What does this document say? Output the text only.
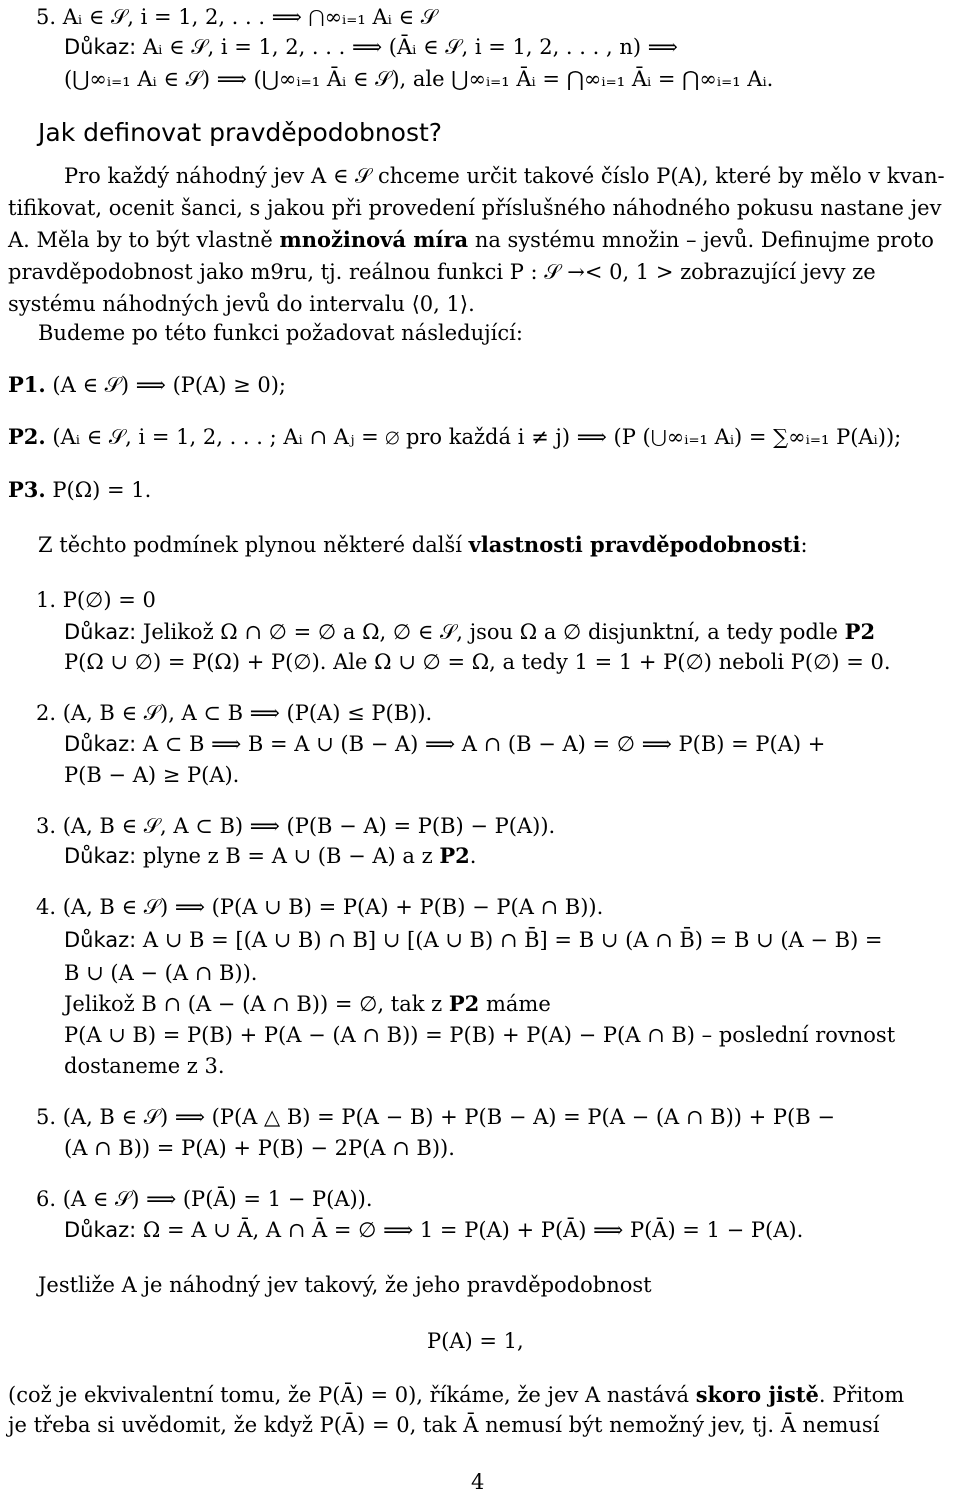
5. Aᵢ ∈ 𝒮, i = 1, 2, . . . ⟹ ⋂∞ᵢ₌₁ Aᵢ ∈ 𝒮
Důkaz: Aᵢ ∈ 𝒮, i = 1, 2, . . . ⟹ (Āᵢ ∈ 𝒮, i = 1, 2, . . . , n) ⟹
(⋃∞ᵢ₌₁ Aᵢ ∈ 𝒮) ⟹ (⋃∞ᵢ₌₁ Āᵢ ∈ 𝒮), ale ⋃∞ᵢ₌₁ Āᵢ = ⋂∞ᵢ₌₁ Āᵢ = ⋂∞ᵢ₌₁ Aᵢ.
Jak definovat pravděpodobnost?
Pro každý náhodný jev A ∈ 𝒮 chceme určit takové číslo P(A), které by mělo v kvan-
tifikovat, ocenit šanci, s jakou při provedení příslušného náhodného pokusu nastane jev
A. Měla by to být vlastně množinová míra na systému množin – jevů. Definujme proto
pravděpodobnost jako m9ru, tj. reálnou funkci P : 𝒮 →< 0, 1 > zobrazující jevy ze
systému náhodných jevů do intervalu ⟨0, 1⟩.
Budeme po této funkci požadovat následující:
P1. (A ∈ 𝒮) ⟹ (P(A) ≥ 0);
P2. (Aᵢ ∈ 𝒮, i = 1, 2, . . . ; Aᵢ ∩ Aⱼ = ∅ pro každá i ≠ j) ⟹ (P (⋃∞ᵢ₌₁ Aᵢ) = ∑∞ᵢ₌₁ P(Aᵢ));
P3. P(Ω) = 1.
Z těchto podmínek plynou některé další vlastnosti pravděpodobnosti:
1. P(∅) = 0
Důkaz: Jelikož Ω ∩ ∅ = ∅ a Ω, ∅ ∈ 𝒮, jsou Ω a ∅ disjunktní, a tedy podle P2
P(Ω ∪ ∅) = P(Ω) + P(∅). Ale Ω ∪ ∅ = Ω, a tedy 1 = 1 + P(∅) neboli P(∅) = 0.
2. (A, B ∈ 𝒮), A ⊂ B ⟹ (P(A) ≤ P(B)).
Důkaz: A ⊂ B ⟹ B = A ∪ (B − A) ⟹ A ∩ (B − A) = ∅ ⟹ P(B) = P(A) +
P(B − A) ≥ P(A).
3. (A, B ∈ 𝒮, A ⊂ B) ⟹ (P(B − A) = P(B) − P(A)).
Důkaz: plyne z B = A ∪ (B − A) a z P2.
4. (A, B ∈ 𝒮) ⟹ (P(A ∪ B) = P(A) + P(B) − P(A ∩ B)).
Důkaz: A ∪ B = [(A ∪ B) ∩ B] ∪ [(A ∪ B) ∩ B̄] = B ∪ (A ∩ B̄) = B ∪ (A − B) =
B ∪ (A − (A ∩ B)).
Jelikož B ∩ (A − (A ∩ B)) = ∅, tak z P2 máme
P(A ∪ B) = P(B) + P(A − (A ∩ B)) = P(B) + P(A) − P(A ∩ B) – poslední rovnost
dostaneme z 3.
5. (A, B ∈ 𝒮) ⟹ (P(A △ B) = P(A − B) + P(B − A) = P(A − (A ∩ B)) + P(B −
(A ∩ B)) = P(A) + P(B) − 2P(A ∩ B)).
6. (A ∈ 𝒮) ⟹ (P(Ā) = 1 − P(A)).
Důkaz: Ω = A ∪ Ā, A ∩ Ā = ∅ ⟹ 1 = P(A) + P(Ā) ⟹ P(Ā) = 1 − P(A).
Jestliže A je náhodný jev takový, že jeho pravděpodobnost
P(A) = 1,
(což je ekvivalentní tomu, že P(Ā) = 0), říkáme, že jev A nastává skoro jistě. Přitom
je třeba si uvědomit, že když P(Ā) = 0, tak Ā nemusí být nemožný jev, tj. Ā nemusí
4
